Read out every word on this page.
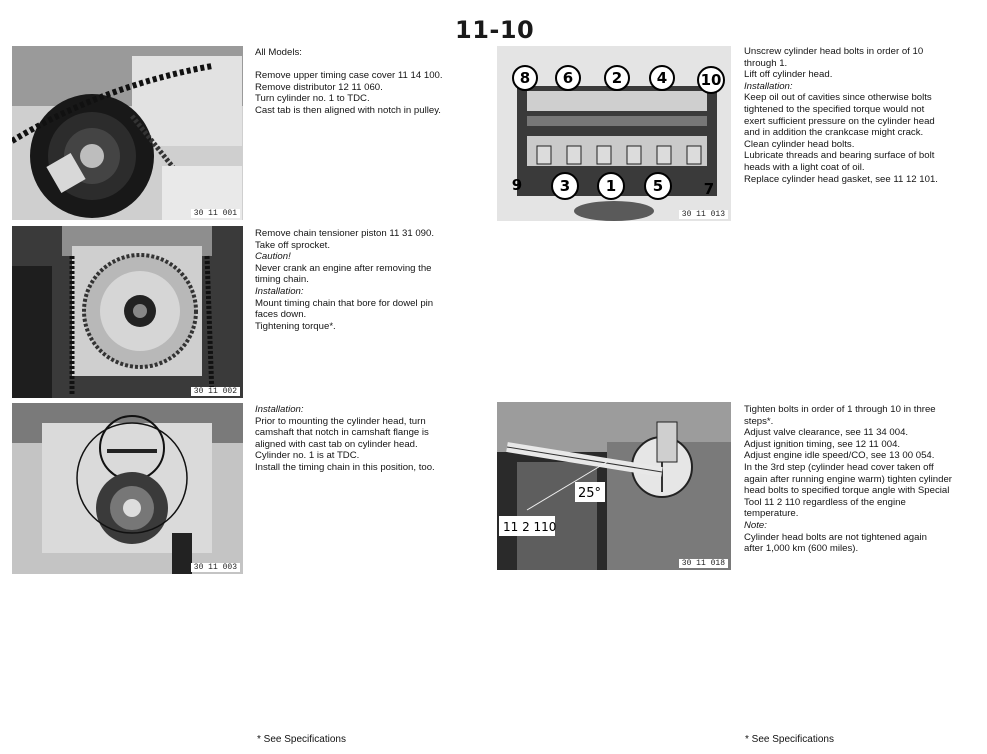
11-10
30 11 001

All Models:

Remove upper timing case cover 11 14 100.

Remove distributor 12 11 060.

Turn cylinder no. 1 to TDC.

Cast tab is then aligned with notch in pulley.

30 11 002

Remove chain tensioner piston 11 31 090.

Take off sprocket.

Caution!

Never crank an engine after removing the

timing chain.

Installation:

Mount timing chain that bore for dowel pin

faces down.

Tightening torque*.

30 11 003

Installation:

Prior to mounting the cylinder head, turn

camshaft that notch in camshaft flange is

aligned with cast tab on cylinder head.

Cylinder no. 1 is at TDC.

Install the timing chain in this position, too.

8 6	2 4 10
9	3 1 5	7
30 11 013

Unscrew cylinder head bolts in order of 10

through 1.

Lift off cylinder head.

Installation:

Keep oil out of cavities since otherwise bolts

tightened to the specified torque would not

exert sufficient pressure on the cylinder head

and in addition the crankcase might crack.

Clean cylinder head bolts.

Lubricate threads and bearing surface of bolt

heads with a light coat of oil.

Replace cylinder head gasket, see 11 12 101.

11 2 110
25°
30 11 018

Tighten bolts in order of 1 through 10 in three

steps*.

Adjust valve clearance, see 11 34 004.

Adjust ignition timing, see 12 11 004.

Adjust engine idle speed/CO, see 13 00 054.

In the 3rd step (cylinder head cover taken off

again after running engine warm) tighten cylinder

head bolts to specified torque angle with Special

Tool 11 2 110 regardless of the engine

temperature.

Note:

Cylinder head bolts are not tightened again

after 1,000 km (600 miles).

* See Specifications	* See Specifications
